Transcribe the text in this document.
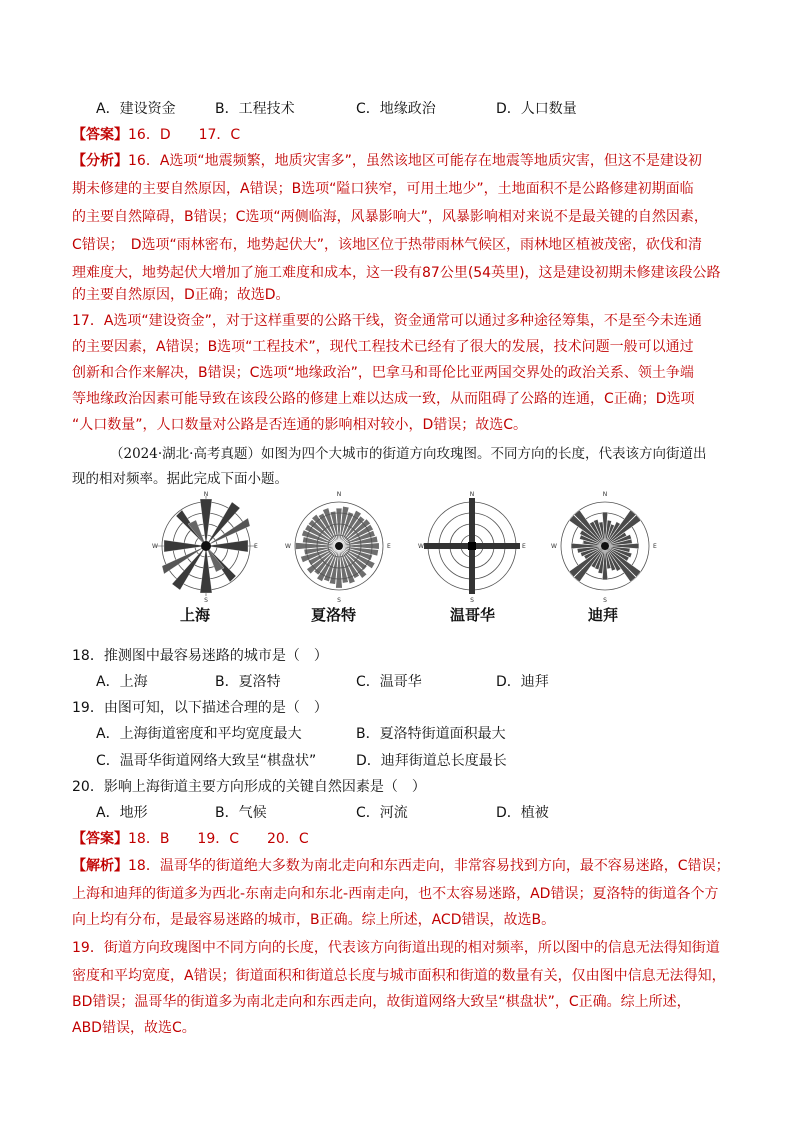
A．建设资金	B．工程技术	C．地缘政治	D．人口数量
【答案】16．D　　17．C
【分析】16．A选项“地震频繁，地质灾害多”，虽然该地区可能存在地震等地质灾害，但这不是建设初
期未修建的主要自然原因，A错误；B选项“隘口狭窄，可用土地少”，土地面积不是公路修建初期面临
的主要自然障碍，B错误；C选项“两侧临海，风暴影响大”，风暴影响相对来说不是最关键的自然因素，
C错误；　D选项“雨林密布，地势起伏大”，该地区位于热带雨林气候区，雨林地区植被茂密，砍伐和清
理难度大，地势起伏大增加了施工难度和成本，这一段有87公里(54英里)，这是建设初期未修建该段公路
的主要自然原因，D正确；故选D。
17．A选项“建设资金”，对于这样重要的公路干线，资金通常可以通过多种途径筹集，不是至今未连通
的主要因素，A错误；B选项“工程技术”，现代工程技术已经有了很大的发展，技术问题一般可以通过
创新和合作来解决，B错误；C选项“地缘政治”，巴拿马和哥伦比亚两国交界处的政治关系、领土争端
等地缘政治因素可能导致在该段公路的修建上难以达成一致，从而阻碍了公路的连通，C正确；D选项
“人口数量”，人口数量对公路是否连通的影响相对较小，D错误；故选C。
（2024·湖北·高考真题）如图为四个大城市的街道方向玫瑰图。不同方向的长度，代表该方向街道出
现的相对频率。据此完成下面小题。
N
S
W	E
N
S
W	E
N
S
W	E
N
S
W	E
上海	夏洛特	温哥华	迪拜
18．推测图中最容易迷路的城市是（　）
A．上海	B．夏洛特	C．温哥华	D．迪拜
19．由图可知，以下描述合理的是（　）
A．上海街道密度和平均宽度最大	B．夏洛特街道面积最大
C．温哥华街道网络大致呈“棋盘状”	D．迪拜街道总长度最长
20．影响上海街道主要方向形成的关键自然因素是（　）
A．地形	B．气候	C．河流	D．植被
【答案】18．B　　19．C　　20．C
【解析】18．温哥华的街道绝大多数为南北走向和东西走向，非常容易找到方向，最不容易迷路，C错误；
上海和迪拜的街道多为西北-东南走向和东北-西南走向，也不太容易迷路，AD错误；夏洛特的街道各个方
向上均有分布，是最容易迷路的城市，B正确。综上所述，ACD错误，故选B。
19．街道方向玫瑰图中不同方向的长度，代表该方向街道出现的相对频率，所以图中的信息无法得知街道
密度和平均宽度，A错误；街道面积和街道总长度与城市面积和街道的数量有关，仅由图中信息无法得知，
BD错误；温哥华的街道多为南北走向和东西走向，故街道网络大致呈“棋盘状”，C正确。综上所述，
ABD错误，故选C。
